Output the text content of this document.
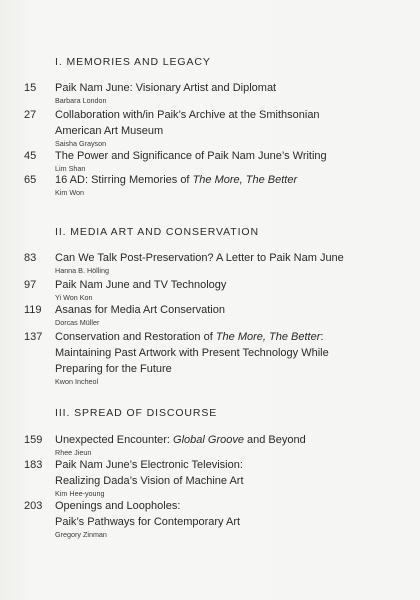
I. MEMORIES AND LEGACY
15 Paik Nam June: Visionary Artist and Diplomat
Barbara London
27 Collaboration with/in Paik’s Archive at the Smithsonian
American Art Museum
Saisha Grayson
45 The Power and Significance of Paik Nam June’s Writing
Lim Shan
65 16 AD: Stirring Memories of The More, The Better
Kim Won
II. MEDIA ART AND CONSERVATION
83 Can We Talk Post-Preservation? A Letter to Paik Nam June
Hanna B. Hölling
97 Paik Nam June and TV Technology
Yi Won Kon
119 Asanas for Media Art Conservation
Dorcas Müller
137 Conservation and Restoration of The More, The Better:
Maintaining Past Artwork with Present Technology While
Preparing for the Future
Kwon Incheol
III. SPREAD OF DISCOURSE
159 Unexpected Encounter: Global Groove and Beyond
Rhee Jieun
183 Paik Nam June’s Electronic Television:
Realizing Dada’s Vision of Machine Art
Kim Hee-young
203 Openings and Loopholes:
Paik’s Pathways for Contemporary Art
Gregory Zinman
